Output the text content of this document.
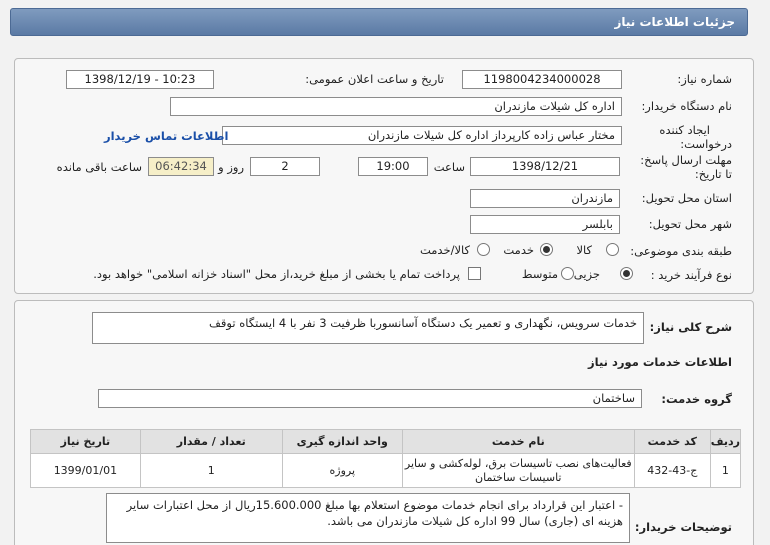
جزئیات اطلاعات نیاز
شماره نیاز:
1198004234000028
تاریخ و ساعت اعلان عمومی:
1398/12/19 - 10:23
نام دستگاه خریدار:
اداره کل شیلات مازندران
ایجاد کننده
درخواست:
مختار عباس زاده کارپرداز اداره کل شیلات مازندران
اطلاعات تماس خریدار
مهلت ارسال پاسخ:
تا تاریخ:
1398/12/21
ساعت
19:00
2
روز و
06:42:34
ساعت باقی مانده
استان محل تحویل:
مازندران
شهر محل تحویل:
بابلسر
طبقه بندی موضوعی:
کالا
خدمت
کالا/خدمت
نوع فرآیند خرید :
جزیی
متوسط
پرداخت تمام یا بخشی از مبلغ خرید،از محل "اسناد خزانه اسلامی" خواهد بود.
شرح کلی نیاز:
خدمات سرویس، نگهداری و تعمیر یک دستگاه آسانسوربا ظرفیت 3 نفر با 4 ایستگاه توقف
اطلاعات خدمات مورد نیاز
گروه خدمت:
ساختمان
ردیف	کد خدمت	نام خدمت	واحد اندازه گیری	تعداد / مقدار	تاریخ نیاز
1	ج-43-432	فعالیت‌های نصب تاسیسات برق، لوله‌کشی و سایر
تاسیسات ساختمان	پروژه	1	1399/01/01
توضیحات خریدار:
- اعتبار این قرارداد برای انجام خدمات موضوع استعلام بها مبلغ 15.600.000ریال از محل اعتبارات سایر هزینه ای (جاری) سال 99 اداره کل شیلات مازندران می باشد.
